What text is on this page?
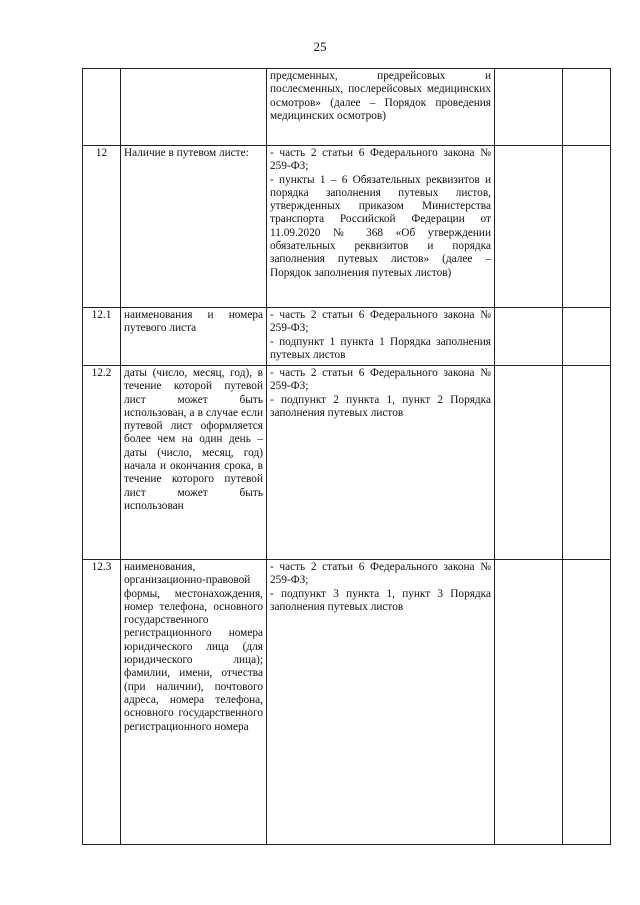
25

		предсменных, предрейсовых и послесменных, послерейсовых медицинских осмотров» (далее – Порядок проведения медицинских осмотров)		

12	Наличие в путевом листе:	- часть 2 статьи 6 Федерального закона № 259-ФЗ;
- пункты 1 – 6 Обязательных реквизитов и порядка заполнения путевых листов, утвержденных приказом Министерства транспорта Российской Федерации от 11.09.2020 № 368 «Об утверждении обязательных реквизитов и порядка заполнения путевых листов» (далее – Порядок заполнения путевых листов)		

12.1	наименования и номера путевого листа	- часть 2 статьи 6 Федерального закона № 259-ФЗ;
- подпункт 1 пункта 1 Порядка заполнения путевых листов		

12.2	даты (число, месяц, год), в течение которой путевой лист может быть использован, а в случае если путевой лист оформляется более чем на один день – даты (число, месяц, год) начала и окончания срока, в течение которого путевой лист может быть использован	- часть 2 статьи 6 Федерального закона № 259-ФЗ;
- подпункт 2 пункта 1, пункт 2 Порядка заполнения путевых листов		

12.3	наименования, организационно-правовой формы, местонахождения, номер телефона, основного государственного регистрационного номера юридического лица (для юридического лица); фамилии, имени, отчества (при наличии), почтового адреса, номера телефона, основного государственного регистрационного номера	- часть 2 статьи 6 Федерального закона № 259-ФЗ;
- подпункт 3 пункта 1, пункт 3 Порядка заполнения путевых листов		
